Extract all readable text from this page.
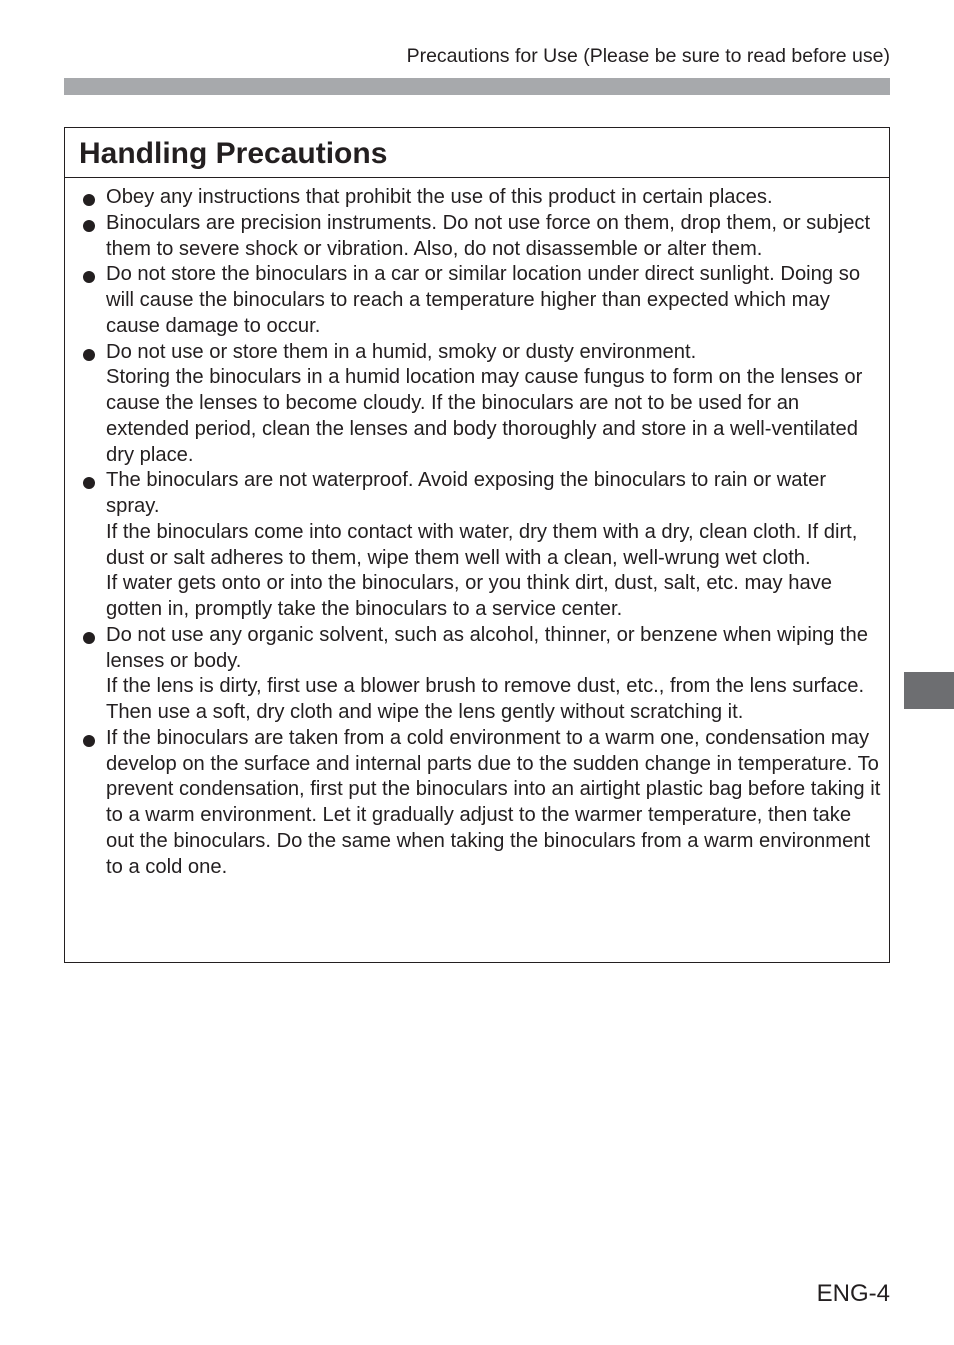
Precautions for Use (Please be sure to read before use)
Handling Precautions
Obey any instructions that prohibit the use of this product in certain places.
Binoculars are precision instruments. Do not use force on them, drop them, or subject them to severe shock or vibration. Also, do not disassemble or alter them.
Do not store the binoculars in a car or similar location under direct sunlight. Doing so will cause the binoculars to reach a temperature higher than expected which may cause damage to occur.
Do not use or store them in a humid, smoky or dusty environment.
Storing the binoculars in a humid location may cause fungus to form on the lenses or cause the lenses to become cloudy. If the binoculars are not to be used for an extended period, clean the lenses and body thoroughly and store in a well-ventilated dry place.
The binoculars are not waterproof. Avoid exposing the binoculars to rain or water spray.
If the binoculars come into contact with water, dry them with a dry, clean cloth. If dirt, dust or salt adheres to them, wipe them well with a clean, well-wrung wet cloth.
If water gets onto or into the binoculars, or you think dirt, dust, salt, etc. may have gotten in, promptly take the binoculars to a service center.
Do not use any organic solvent, such as alcohol, thinner, or benzene when wiping the lenses or body.
If the lens is dirty, first use a blower brush to remove dust, etc., from the lens surface. Then use a soft, dry cloth and wipe the lens gently without scratching it.
If the binoculars are taken from a cold environment to a warm one, condensation may develop on the surface and internal parts due to the sudden change in temperature. To prevent condensation, first put the binoculars into an airtight plastic bag before taking it to a warm environment. Let it gradually adjust to the warmer temperature, then take out the binoculars. Do the same when taking the binoculars from a warm environment to a cold one.
ENG-4
